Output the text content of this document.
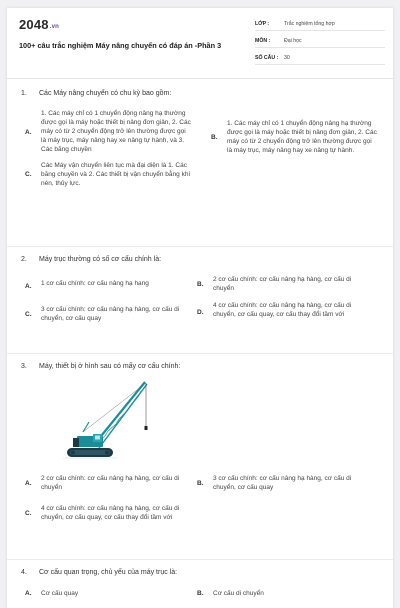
2048.vn
100+ câu trắc nghiệm Máy nâng chuyển có đáp án -Phần 3
LỚP :	Trắc nghiệm tổng hợp
MÔN :	Đại học
SỐ CÂU :	30
1.	Các Máy nâng chuyển có chu kỳ bao gồm:
A.
1. Các máy chỉ có 1 chuyển động nâng hạ thường được gọi là máy hoặc thiết bị nâng đơn giản, 2. Các máy có từ 2 chuyển động trở lên thường được gọi là máy trục, máy nâng hay xe nâng tự hành, và 3. Các băng chuyền
B.
1. Các máy chỉ có 1 chuyển động nâng hạ thường được gọi là máy hoặc thiết bị nâng đơn giản, 2. Các máy có từ 2 chuyển động trở lên thường được gọi là máy trục, máy nâng hay xe nâng tự hành.
C.
Các Máy vận chuyển liên tục mà đại diện là 1. Các băng chuyền và 2. Các thiết bị vận chuyển bằng khí nén, thủy lực.
2.	Máy trục thường có số cơ cấu chính là:
A.	1 cơ cấu chính: cơ cấu nâng hạ hang	B.
2 cơ cấu chính: cơ cấu nâng hạ hàng, cơ cấu di chuyển
C.
3 cơ cấu chính: cơ cấu nâng hạ hàng, cơ cấu di chuyển, cơ cấu quay
D.
4 cơ cấu chính: cơ cấu nâng hạ hàng, cơ cấu di chuyển, cơ cấu quay, cơ cấu thay đổi tầm với
3.	Máy, thiết bị ở hình sau có mấy cơ cấu chính:
A.
2 cơ cấu chính: cơ cấu nâng hạ hàng, cơ cấu di chuyển
B.
3 cơ cấu chính: cơ cấu nâng hạ hàng, cơ cấu di chuyển, cơ cấu quay
C.
4 cơ cấu chính: cơ cấu nâng hạ hàng, cơ cấu di chuyển, cơ cấu quay, cơ cấu thay đổi tầm với
4.	Cơ cấu quan trọng, chủ yếu của máy trục là:
A.	Cơ cấu quay	B.	Cơ cấu di chuyển
